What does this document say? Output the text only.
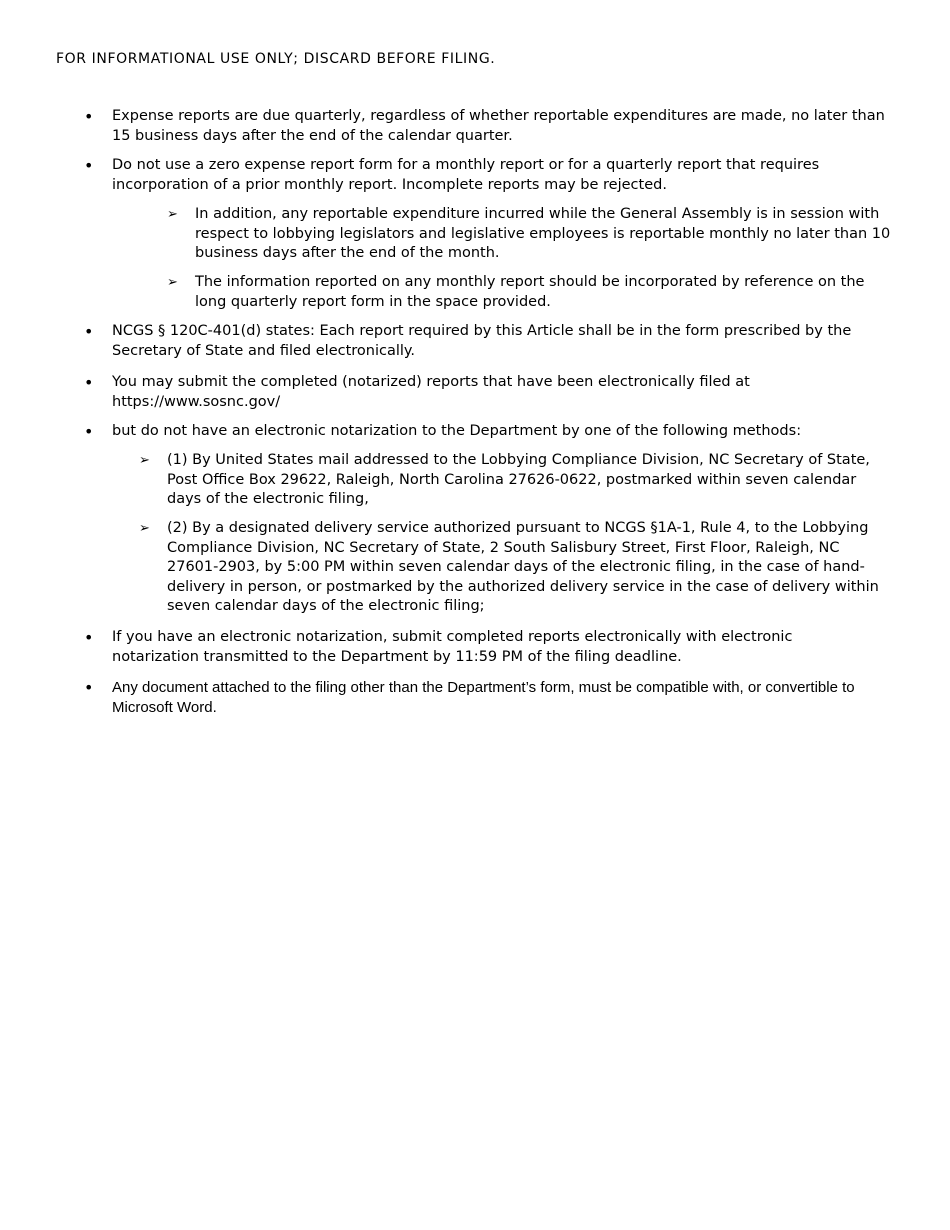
FOR INFORMATIONAL USE ONLY; DISCARD BEFORE FILING.
• Expense reports are due quarterly, regardless of whether reportable expenditures are made, no later than 15 business days after the end of the calendar quarter.
• Do not use a zero expense report form for a monthly report or for a quarterly report that requires incorporation of a prior monthly report. Incomplete reports may be rejected.
➢ In addition, any reportable expenditure incurred while the General Assembly is in session with respect to lobbying legislators and legislative employees is reportable monthly no later than 10 business days after the end of the month.
➢ The information reported on any monthly report should be incorporated by reference on the long quarterly report form in the space provided.
• NCGS § 120C-401(d) states: Each report required by this Article shall be in the form prescribed by the Secretary of State and filed electronically.
• You may submit the completed (notarized) reports that have been electronically filed at https://www.sosnc.gov/
• but do not have an electronic notarization to the Department by one of the following methods:
➢ (1) By United States mail addressed to the Lobbying Compliance Division, NC Secretary of State, Post Office Box 29622, Raleigh, North Carolina 27626-0622, postmarked within seven calendar days of the electronic filing,
➢ (2) By a designated delivery service authorized pursuant to NCGS §1A-1, Rule 4, to the Lobbying Compliance Division, NC Secretary of State, 2 South Salisbury Street, First Floor, Raleigh, NC 27601-2903, by 5:00 PM within seven calendar days of the electronic filing, in the case of hand-delivery in person, or postmarked by the authorized delivery service in the case of delivery within seven calendar days of the electronic filing;
• If you have an electronic notarization, submit completed reports electronically with electronic notarization transmitted to the Department by 11:59 PM of the filing deadline.
• Any document attached to the filing other than the Department’s form, must be compatible with, or convertible to Microsoft Word.
